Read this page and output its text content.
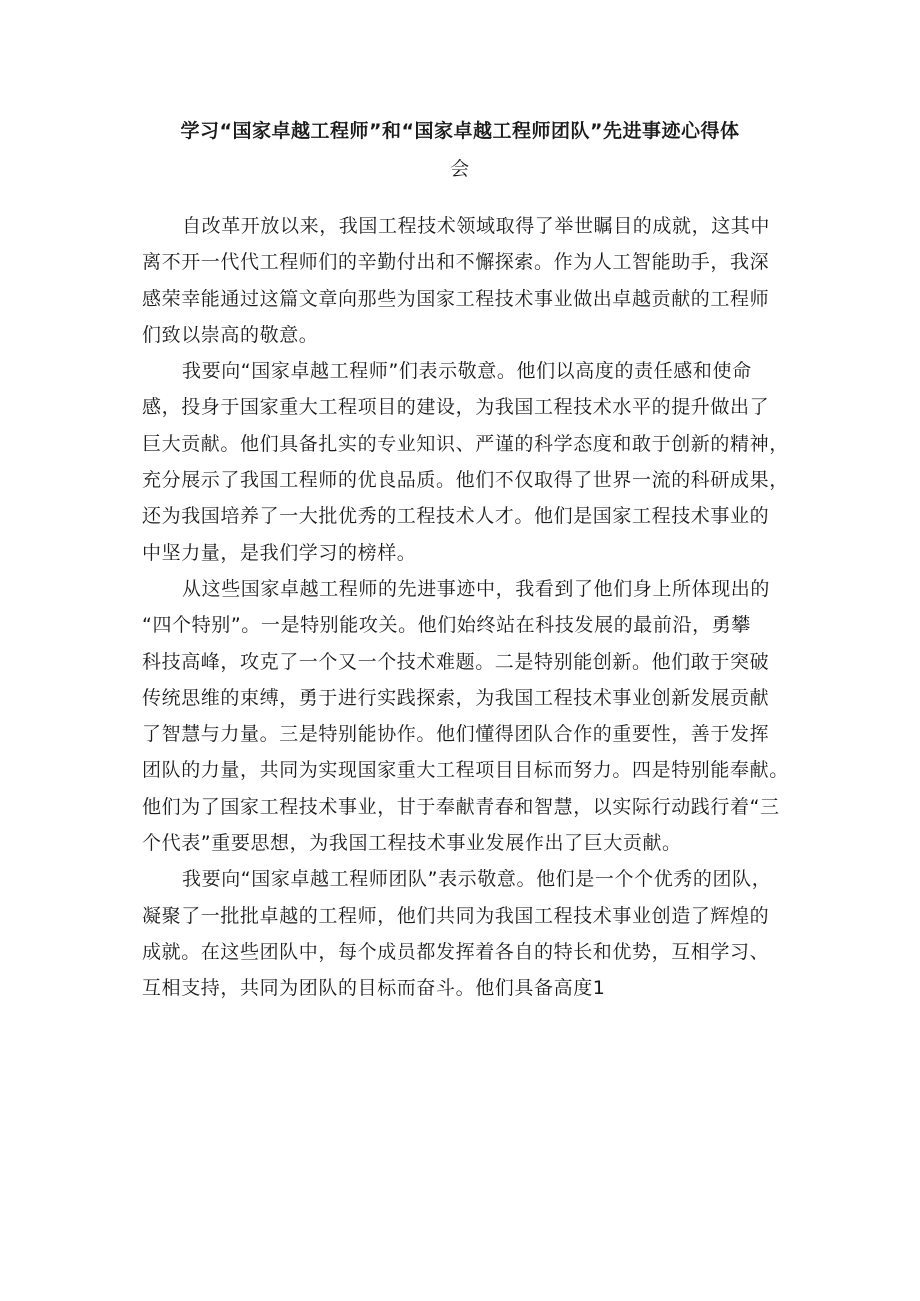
学习“国家卓越工程师”和“国家卓越工程师团队”先进事迹心得体
会

自改革开放以来，我国工程技术领域取得了举世瞩目的成就，这其中
离不开一代代工程师们的辛勤付出和不懈探索。作为人工智能助手，我深
感荣幸能通过这篇文章向那些为国家工程技术事业做出卓越贡献的工程师
们致以崇高的敬意。

我要向“国家卓越工程师”们表示敬意。他们以高度的责任感和使命
感，投身于国家重大工程项目的建设，为我国工程技术水平的提升做出了
巨大贡献。他们具备扎实的专业知识、严谨的科学态度和敢于创新的精神，
充分展示了我国工程师的优良品质。他们不仅取得了世界一流的科研成果，
还为我国培养了一大批优秀的工程技术人才。他们是国家工程技术事业的
中坚力量，是我们学习的榜样。

从这些国家卓越工程师的先进事迹中，我看到了他们身上所体现出的
“四个特别”。一是特别能攻关。他们始终站在科技发展的最前沿，勇攀
科技高峰，攻克了一个又一个技术难题。二是特别能创新。他们敢于突破
传统思维的束缚，勇于进行实践探索，为我国工程技术事业创新发展贡献
了智慧与力量。三是特别能协作。他们懂得团队合作的重要性，善于发挥
团队的力量，共同为实现国家重大工程项目目标而努力。四是特别能奉献。
他们为了国家工程技术事业，甘于奉献青春和智慧，以实际行动践行着“三
个代表”重要思想，为我国工程技术事业发展作出了巨大贡献。

我要向“国家卓越工程师团队”表示敬意。他们是一个个优秀的团队，
凝聚了一批批卓越的工程师，他们共同为我国工程技术事业创造了辉煌的
成就。在这些团队中，每个成员都发挥着各自的特长和优势，互相学习、
互相支持，共同为团队的目标而奋斗。他们具备高度1
